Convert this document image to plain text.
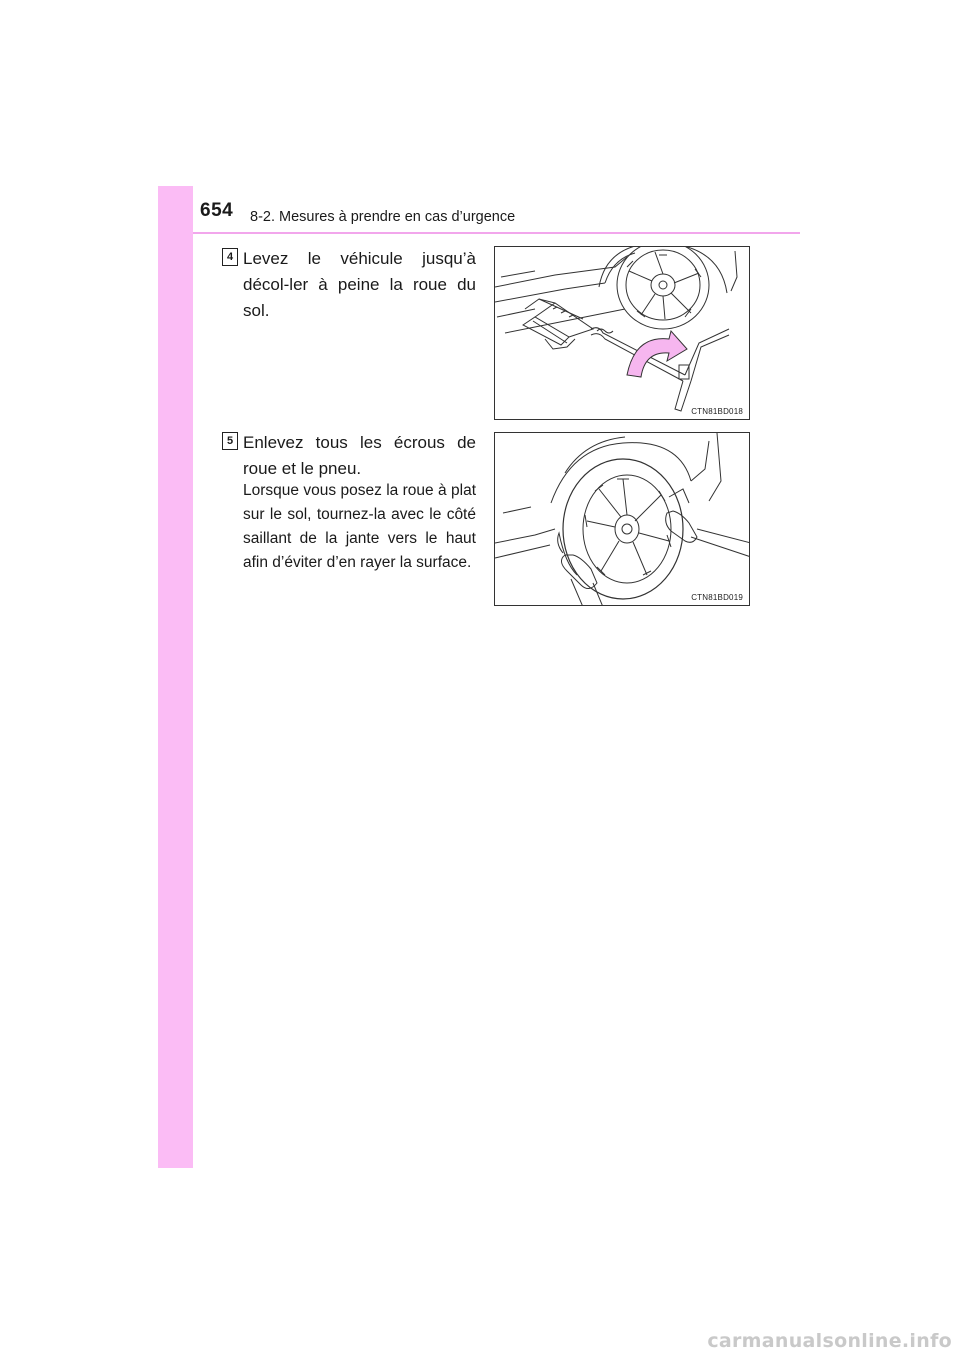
654 8-2. Mesures à prendre en cas d’urgence
4 Levez le véhicule jusqu’à décol-ler à peine la roue du sol.
CTN81BD018
5 Enlevez tous les écrous de roue et le pneu.
Lorsque vous posez la roue à plat sur le sol, tournez-la avec le côté saillant de la jante vers le haut afin d’éviter d’en rayer la surface.
CTN81BD019
carmanualsonline.info
